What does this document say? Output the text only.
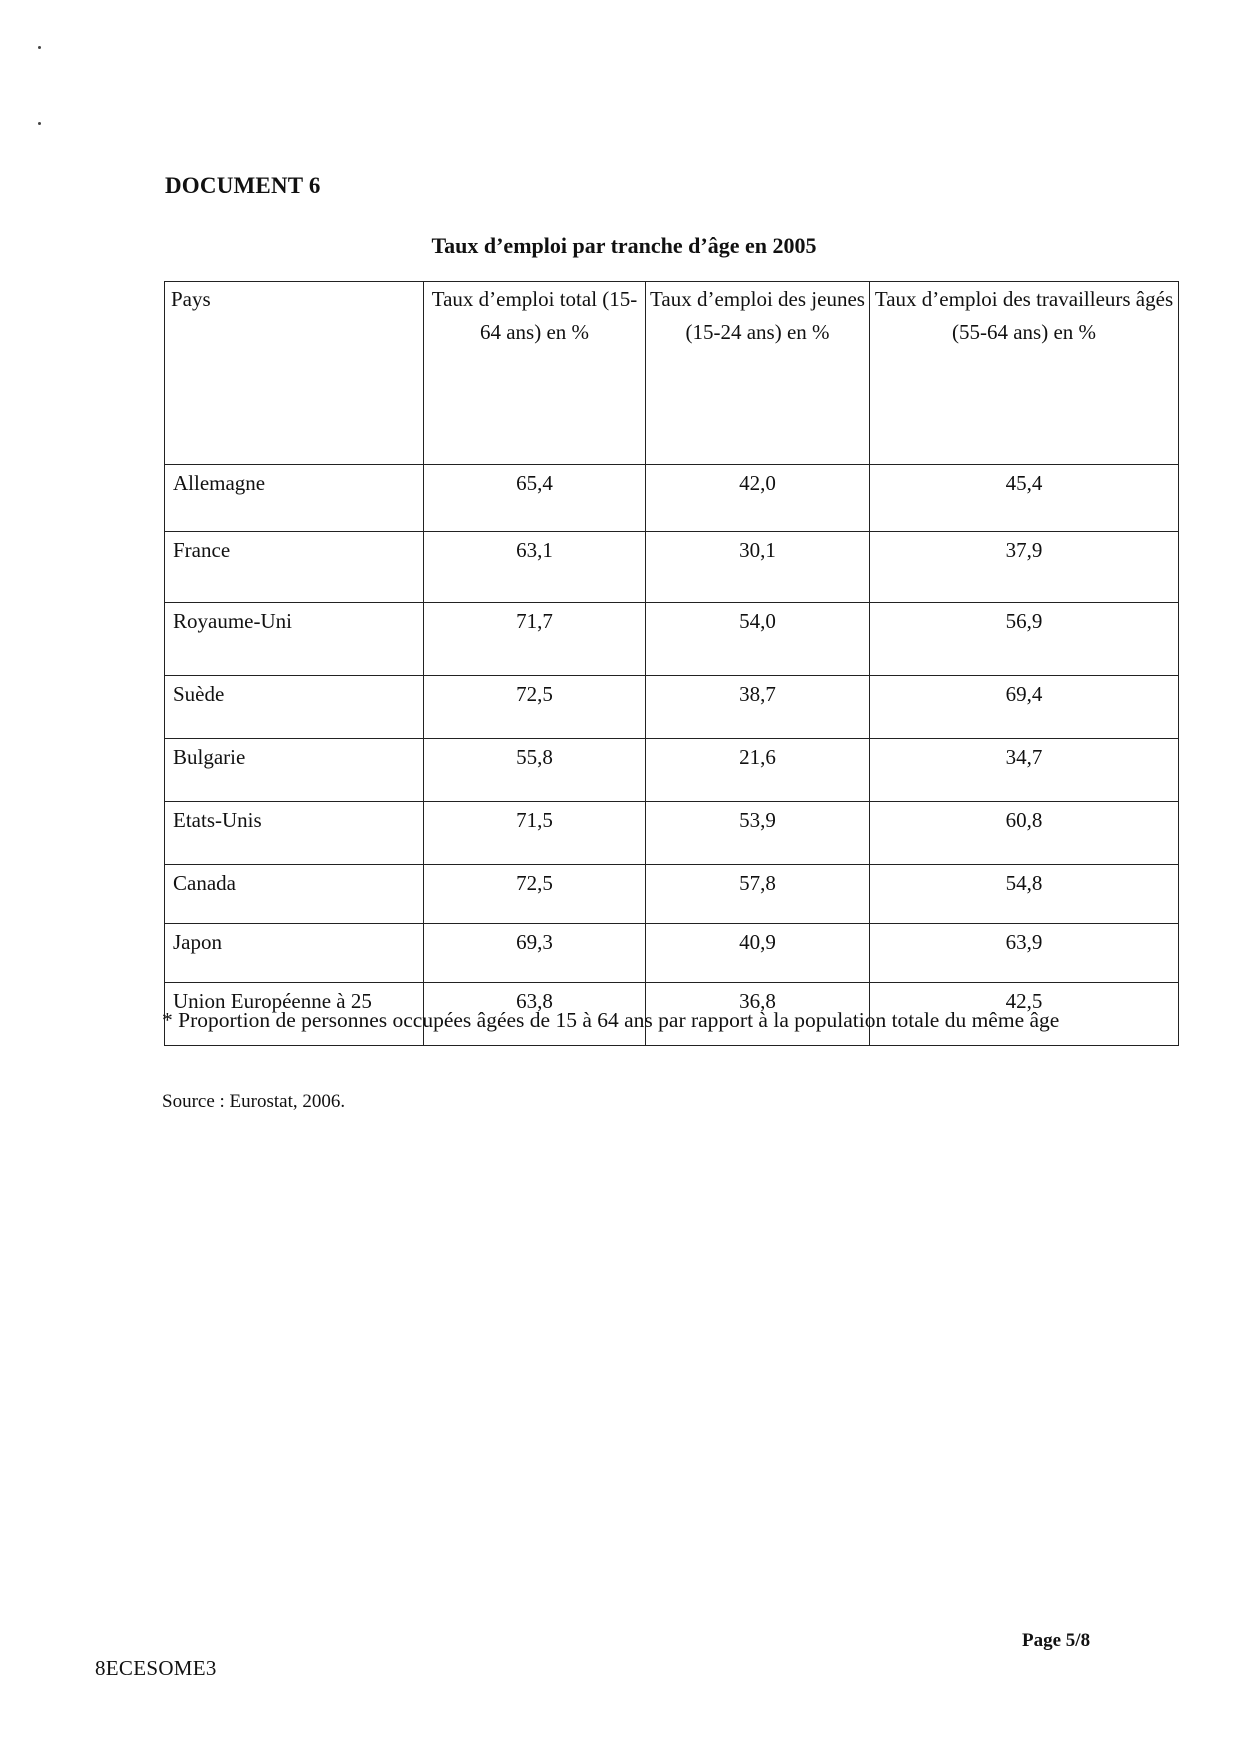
DOCUMENT 6
Taux d’emploi par tranche d’âge en 2005
Pays	Taux d’emploi total (15-64 ans) en %	Taux d’emploi des jeunes (15-24 ans) en %	Taux d’emploi des travailleurs âgés (55-64 ans) en %
Allemagne	65,4	42,0	45,4
France	63,1	30,1	37,9
Royaume-Uni	71,7	54,0	56,9
Suède	72,5	38,7	69,4
Bulgarie	55,8	21,6	34,7
Etats-Unis	71,5	53,9	60,8
Canada	72,5	57,8	54,8
Japon	69,3	40,9	63,9
Union Européenne à 25	63,8	36,8	42,5
* Proportion de personnes occupées âgées de 15 à 64 ans par rapport à la population totale du même âge
Source : Eurostat, 2006.
Page 5/8
8ECESOME3
